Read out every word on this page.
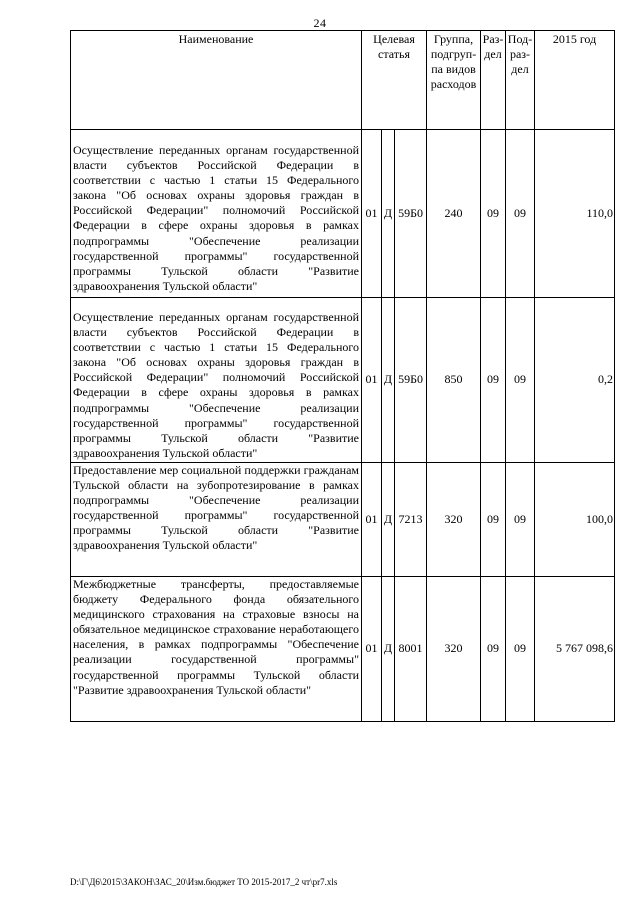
24
Наименование	Целевая статья			Группа, подгруп- па видов расходов	Раз- дел	Под- раз- дел	2015 год
Осуществление переданных органам государственной власти субъектов Российской Федерации в соответствии с частью 1 статьи 15 Федерального закона "Об основах охраны здоровья граждан в Российской Федерации" полномочий Российской Федерации в сфере охраны здоровья в рамках подпрограммы "Обеспечение реализации государственной программы" государственной программы Тульской области "Развитие здравоохранения Тульской области"	01	Д	59Б0	240	09	09	110,0
Осуществление переданных органам государственной власти субъектов Российской Федерации в соответствии с частью 1 статьи 15 Федерального закона "Об основах охраны здоровья граждан в Российской Федерации" полномочий Российской Федерации в сфере охраны здоровья в рамках подпрограммы "Обеспечение реализации государственной программы" государственной программы Тульской области "Развитие здравоохранения Тульской области"	01	Д	59Б0	850	09	09	0,2
Предоставление мер социальной поддержки гражданам Тульской области на зубопротезирование в рамках подпрограммы "Обеспечение реализации государственной программы" государственной программы Тульской области "Развитие здравоохранения Тульской области"	01	Д	7213	320	09	09	100,0
Межбюджетные трансферты, предоставляемые бюджету Федерального фонда обязательного медицинского страхования на страховые взносы на обязательное медицинское страхование неработающего населения, в рамках подпрограммы "Обеспечение реализации государственной программы" государственной программы Тульской области "Развитие здравоохранения Тульской области"	01	Д	8001	320	09	09	5 767 098,6
D:\Г\Д6\2015\ЗАКОН\ЗАС_20\Изм.бюджет ТО 2015-2017_2 чт\pr7.xls
